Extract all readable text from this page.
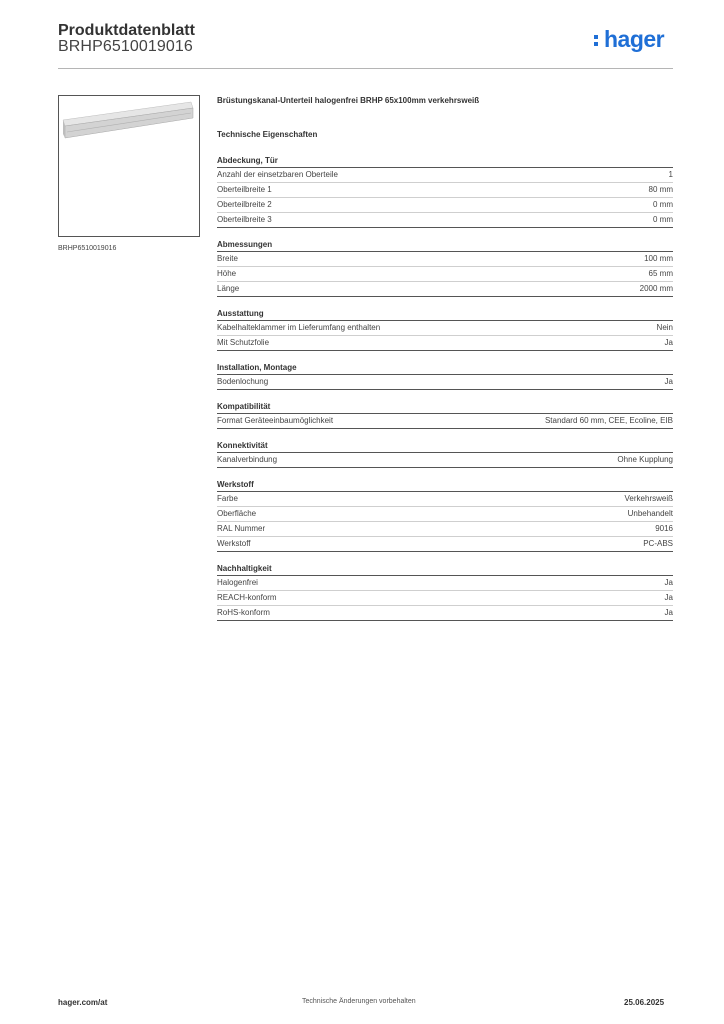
Produktdatenblatt
BRHP6510019016	hager
BRHP6510019016
Brüstungskanal-Unterteil halogenfrei BRHP 65x100mm verkehrsweiß
Technische Eigenschaften
Abdeckung, Tür
Anzahl der einsetzbaren Oberteile	1
Oberteilbreite 1	80 mm
Oberteilbreite 2	0 mm
Oberteilbreite 3	0 mm
Abmessungen
Breite	100 mm
Höhe	65 mm
Länge	2000 mm
Ausstattung
Kabelhalteklammer im Lieferumfang enthalten	Nein
Mit Schutzfolie	Ja
Installation, Montage
Bodenlochung	Ja
Kompatibilität
Format Geräteeinbaumöglichkeit	Standard 60 mm, CEE, Ecoline, EIB
Konnektivität
Kanalverbindung	Ohne Kupplung
Werkstoff
Farbe	Verkehrsweiß
Oberfläche	Unbehandelt
RAL Nummer	9016
Werkstoff	PC-ABS
Nachhaltigkeit
Halogenfrei	Ja
REACH-konform	Ja
RoHS-konform	Ja
hager.com/at	Technische Änderungen vorbehalten	25.06.2025
